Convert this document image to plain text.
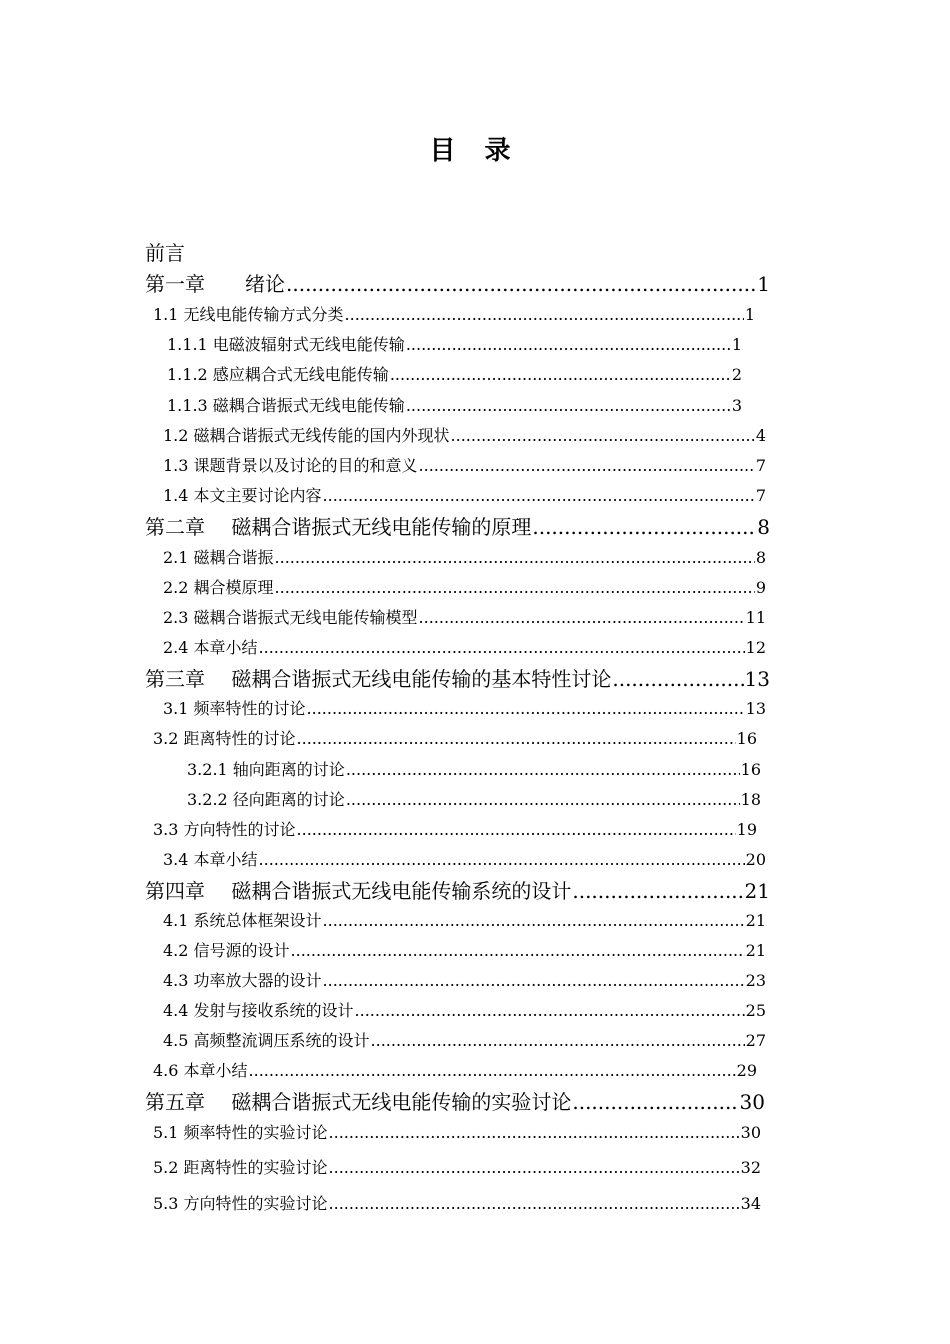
目 录
前言
第一章　　绪论 .....	1
1.1 无线电能传输方式分类 .....	1
1.1.1 电磁波辐射式无线电能传输 .....	1
1.1.2 感应耦合式无线电能传输 .....	2
1.1.3 磁耦合谐振式无线电能传输 .....	3
1.2 磁耦合谐振式无线传能的国内外现状 .....	4
1.3 课题背景以及讨论的目的和意义 .....	7
1.4 本文主要讨论内容 .....	7
第二章　 磁耦合谐振式无线电能传输的原理 .....	8
2.1 磁耦合谐振 .....	8
2.2 耦合模原理 .....	9
2.3 磁耦合谐振式无线电能传输模型 .....	11
2.4 本章小结 .....	12
第三章　 磁耦合谐振式无线电能传输的基本特性讨论 .....	13
3.1 频率特性的讨论 .....	13
3.2 距离特性的讨论 .....	16
3.2.1 轴向距离的讨论 .....	16
3.2.2 径向距离的讨论 .....	18
3.3 方向特性的讨论 .....	19
3.4 本章小结 .....	20
第四章　 磁耦合谐振式无线电能传输系统的设计 .....	21
4.1 系统总体框架设计 .....	21
4.2 信号源的设计 .....	21
4.3 功率放大器的设计 .....	23
4.4 发射与接收系统的设计 .....	25
4.5 高频整流调压系统的设计 .....	27
4.6 本章小结 .....	29
第五章　 磁耦合谐振式无线电能传输的实验讨论 .....	30
5.1 频率特性的实验讨论 .....	30
5.2 距离特性的实验讨论 .....	32
5.3 方向特性的实验讨论 .....	34
